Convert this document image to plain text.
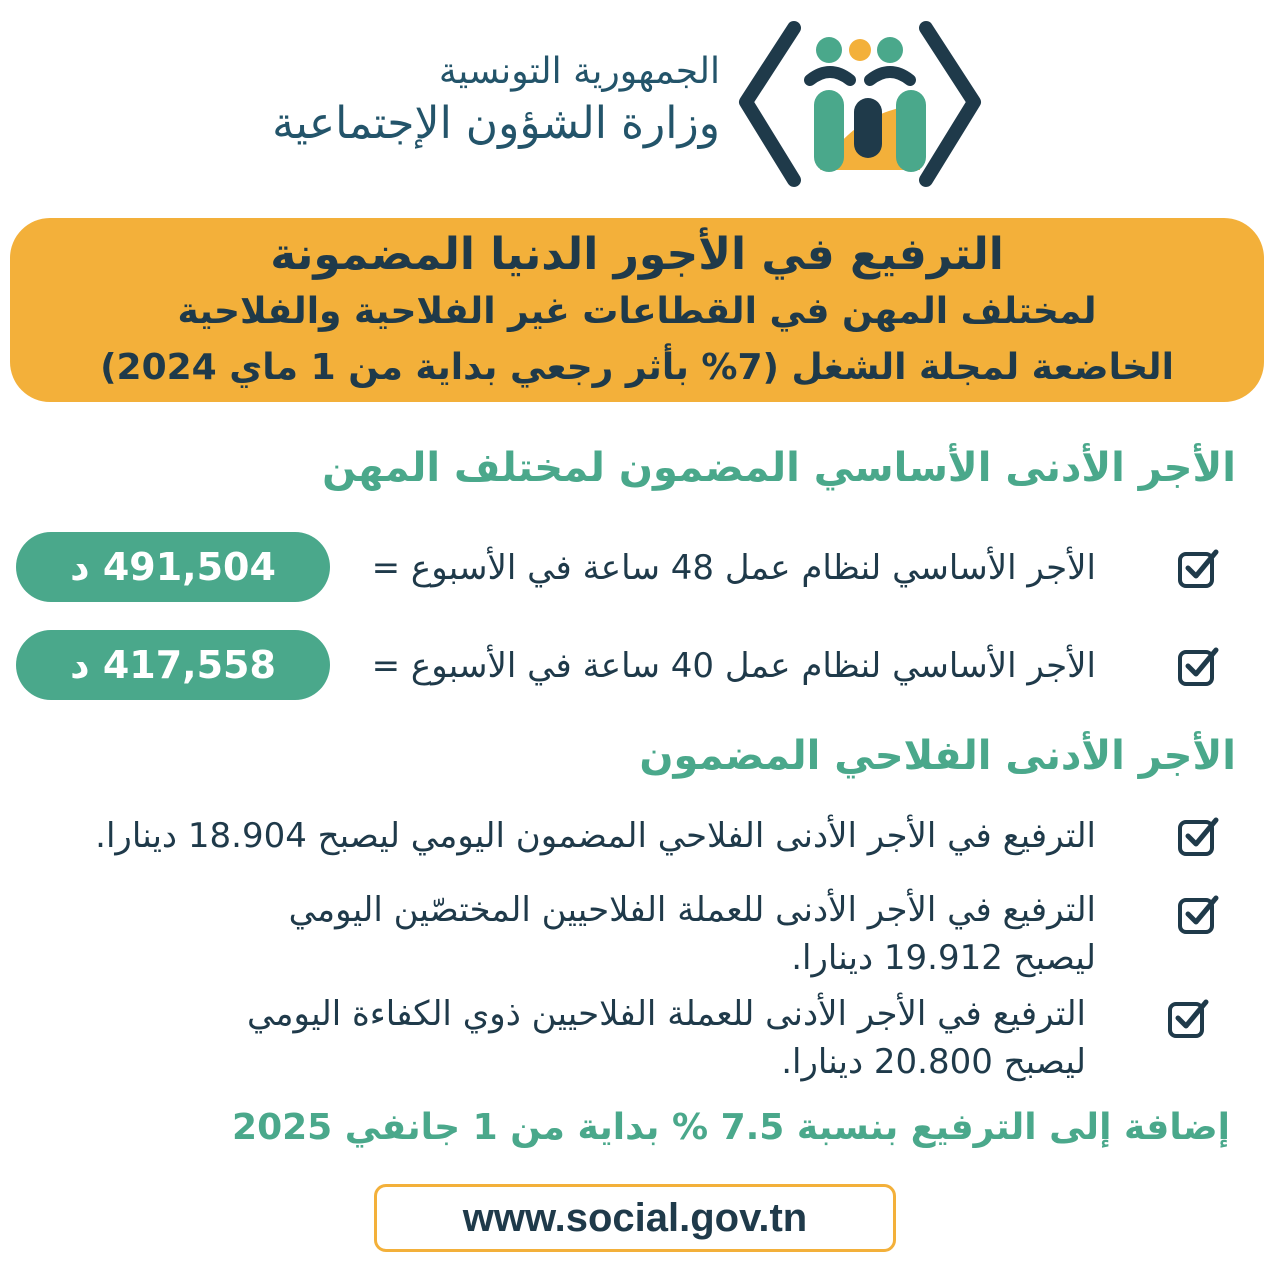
الجمهورية التونسية
وزارة الشؤون الإجتماعية
الترفيع في الأجور الدنيا المضمونة
لمختلف المهن في القطاعات غير الفلاحية والفلاحية
الخاضعة لمجلة الشغل (7% بأثر رجعي بداية من 1 ماي 2024)
الأجر الأدنى الأساسي المضمون لمختلف المهن
الأجر الأساسي لنظام عمل 48 ساعة في الأسبوع =
491,504 د
الأجر الأساسي لنظام عمل 40 ساعة في الأسبوع =
417,558 د
الأجر الأدنى الفلاحي المضمون
الترفيع في الأجر الأدنى الفلاحي المضمون اليومي ليصبح 18.904 دينارا.
الترفيع في الأجر الأدنى للعملة الفلاحيين المختصّين اليومي
ليصبح 19.912 دينارا.
الترفيع في الأجر الأدنى للعملة الفلاحيين ذوي الكفاءة اليومي
ليصبح 20.800 دينارا.
إضافة إلى الترفيع بنسبة 7.5 % بداية من 1 جانفي 2025
www.social.gov.tn
